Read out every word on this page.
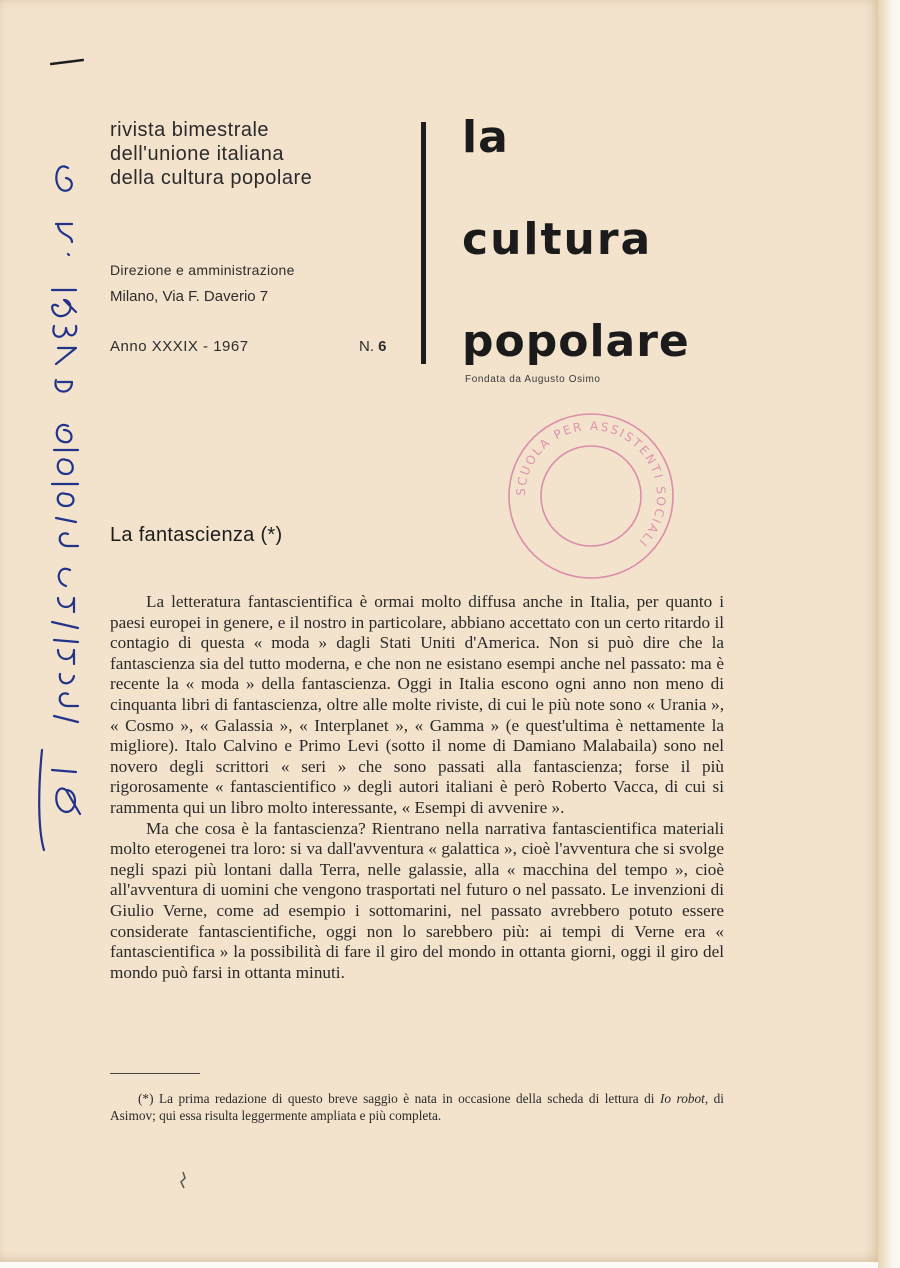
rivista bimestrale
dell'unione italiana
della cultura popolare
Direzione e amministrazione
Milano, Via F. Daverio 7
Anno XXXIX - 1967	N. 6
la
cultura
popolare
Fondata da Augusto Osimo
SCUOLA PER ASSISTENTI SOCIALI
La fantascienza (*)

La letteratura fantascientifica è ormai molto diffusa anche in Italia, per quanto i paesi europei in genere, e il nostro in particolare, abbiano accettato con un certo ritardo il contagio di questa « moda » dagli Stati Uniti d'America. Non si può dire che la fantascienza sia del tutto moderna, e che non ne esistano esempi anche nel passato: ma è recente la « moda » della fantascienza. Oggi in Italia escono ogni anno non meno di cinquanta libri di fantascienza, oltre alle molte riviste, di cui le più note sono « Urania », « Cosmo », « Galassia », « Interplanet », « Gamma » (e quest'ultima è nettamente la migliore). Italo Calvino e Primo Levi (sotto il nome di Damiano Malabaila) sono nel novero degli scrittori « seri » che sono passati alla fantascienza; forse il più rigorosamente « fantascientifico » degli autori italiani è però Roberto Vacca, di cui si rammenta qui un libro molto interessante, « Esempi di avvenire ».

Ma che cosa è la fantascienza? Rientrano nella narrativa fantascientifica materiali molto eterogenei tra loro: si va dall'avventura « galattica », cioè l'avventura che si svolge negli spazi più lontani dalla Terra, nelle galassie, alla « macchina del tempo », cioè all'avventura di uomini che vengono trasportati nel futuro o nel passato. Le invenzioni di Giulio Verne, come ad esempio i sottomarini, nel passato avrebbero potuto essere considerate fantascientifiche, oggi non lo sarebbero più: ai tempi di Verne era « fantascientifica » la possibilità di fare il giro del mondo in ottanta giorni, oggi il giro del mondo può farsi in ottanta minuti.

(*) La prima redazione di questo breve saggio è nata in occasione della scheda di lettura di Io robot, di Asimov; qui essa risulta leggermente ampliata e più completa.
